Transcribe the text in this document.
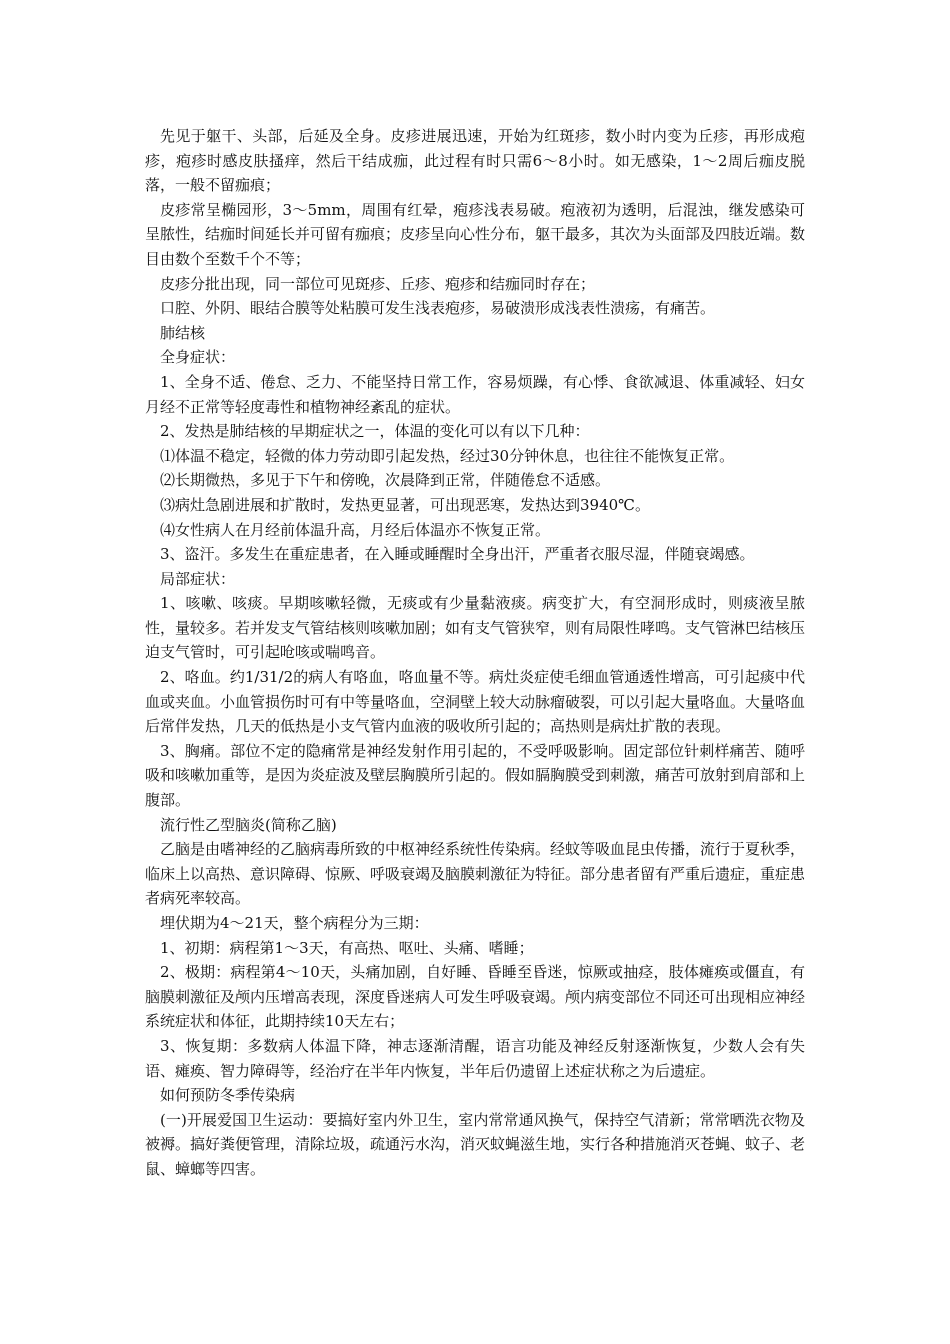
先见于躯干、头部，后延及全身。皮疹进展迅速，开始为红斑疹，数小时内变为丘疹，再形成疱疹，疱疹时感皮肤搔痒，然后干结成痂，此过程有时只需6～8小时。如无感染，1～2周后痂皮脱落，一般不留痂痕；

皮疹常呈椭园形，3～5mm，周围有红晕，疱疹浅表易破。疱液初为透明，后混浊，继发感染可呈脓性，结痂时间延长并可留有痂痕；皮疹呈向心性分布，躯干最多，其次为头面部及四肢近端。数目由数个至数千个不等；

皮疹分批出现，同一部位可见斑疹、丘疹、疱疹和结痂同时存在；

口腔、外阴、眼结合膜等处粘膜可发生浅表疱疹，易破溃形成浅表性溃疡，有痛苦。

肺结核

全身症状：

1、全身不适、倦怠、乏力、不能坚持日常工作，容易烦躁，有心悸、食欲减退、体重减轻、妇女月经不正常等轻度毒性和植物神经紊乱的症状。

2、发热是肺结核的早期症状之一，体温的变化可以有以下几种：

⑴体温不稳定，轻微的体力劳动即引起发热，经过30分钟休息，也往往不能恢复正常。

⑵长期微热，多见于下午和傍晚，次晨降到正常，伴随倦怠不适感。

⑶病灶急剧进展和扩散时，发热更显著，可出现恶寒，发热达到3940℃。

⑷女性病人在月经前体温升高，月经后体温亦不恢复正常。

3、盗汗。多发生在重症患者，在入睡或睡醒时全身出汗，严重者衣服尽湿，伴随衰竭感。

局部症状：

1、咳嗽、咳痰。早期咳嗽轻微，无痰或有少量黏液痰。病变扩大，有空洞形成时，则痰液呈脓性，量较多。若并发支气管结核则咳嗽加剧；如有支气管狭窄，则有局限性哮鸣。支气管淋巴结核压迫支气管时，可引起呛咳或喘鸣音。

2、咯血。约1/31/2的病人有咯血，咯血量不等。病灶炎症使毛细血管通透性增高，可引起痰中代血或夹血。小血管损伤时可有中等量咯血，空洞壁上较大动脉瘤破裂，可以引起大量咯血。大量咯血后常伴发热，几天的低热是小支气管内血液的吸收所引起的；高热则是病灶扩散的表现。

3、胸痛。部位不定的隐痛常是神经发射作用引起的，不受呼吸影响。固定部位针刺样痛苦、随呼吸和咳嗽加重等，是因为炎症波及壁层胸膜所引起的。假如膈胸膜受到刺激，痛苦可放射到肩部和上腹部。

流行性乙型脑炎(简称乙脑)

乙脑是由嗜神经的乙脑病毒所致的中枢神经系统性传染病。经蚊等吸血昆虫传播，流行于夏秋季，临床上以高热、意识障碍、惊厥、呼吸衰竭及脑膜刺激征为特征。部分患者留有严重后遗症，重症患者病死率较高。

埋伏期为4～21天，整个病程分为三期：

1、初期：病程第1～3天，有高热、呕吐、头痛、嗜睡；

2、极期：病程第4～10天，头痛加剧，自好睡、昏睡至昏迷，惊厥或抽痉，肢体瘫痪或僵直，有脑膜刺激征及颅内压增高表现，深度昏迷病人可发生呼吸衰竭。颅内病变部位不同还可出现相应神经系统症状和体征，此期持续10天左右；

3、恢复期：多数病人体温下降，神志逐渐清醒，语言功能及神经反射逐渐恢复，少数人会有失语、瘫痪、智力障碍等，经治疗在半年内恢复，半年后仍遗留上述症状称之为后遗症。

如何预防冬季传染病

(一)开展爱国卫生运动：要搞好室内外卫生，室内常常通风换气，保持空气清新；常常晒洗衣物及被褥。搞好粪便管理，清除垃圾，疏通污水沟，消灭蚊蝇滋生地，实行各种措施消灭苍蝇、蚊子、老鼠、蟑螂等四害。
